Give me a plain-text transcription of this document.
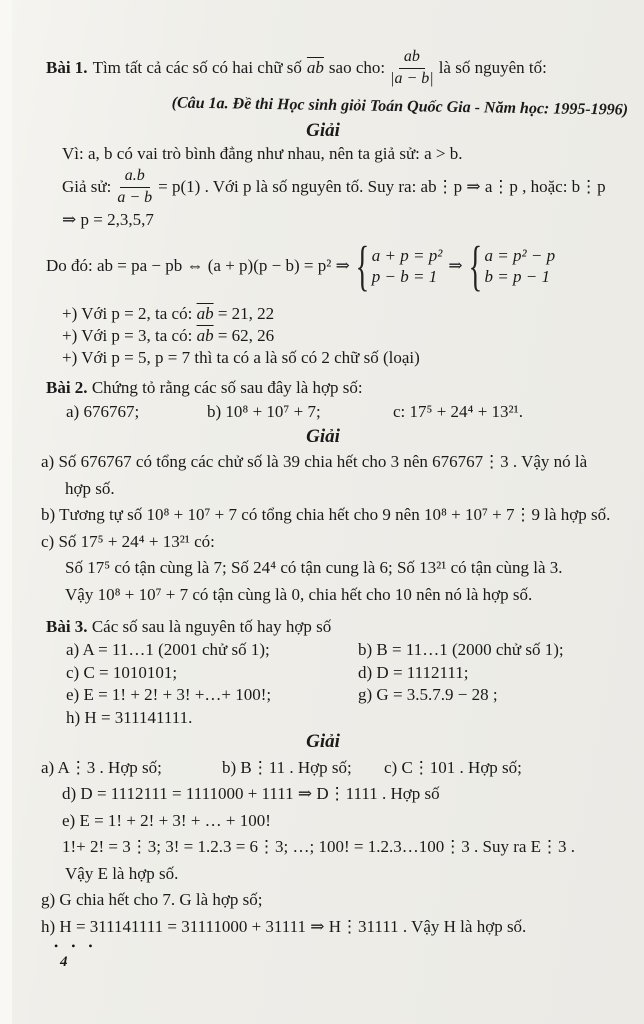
Bài 1. Tìm tất cả các số có hai chữ số $\overline{ab}$ sao cho: $\frac{ab}{|a - b|}$ là số nguyên tố:
(Câu 1a. Đề thi Học sinh giỏi Toán Quốc Gia - Năm học: 1995-1996)
Giải
Vì: a, b có vai trò bình đẳng như nhau, nên ta giả sử: a > b.
Giả sử: $\frac{a.b}{a - b} = p(1)$ . Với p là số nguyên tố. Suy ra: ab⋮p ⇒ a⋮p , hoặc: b⋮p
⇒ p = 2,3,5,7
Do đó: ab = pa − pb ⇔ (a + p)(p − b) = p² ⇒ { a + p = p²
p − b = 1
⇒ { a = p² − p
b = p − 1
+) Với p = 2, ta có: $\overline{ab} = 21$, 22
+) Với p = 3, ta có: $\overline{ab} = 62$, 26
+) Với p = 5, p = 7 thì ta có a là số có 2 chữ số (loại)
Bài 2. Chứng tỏ rằng các số sau đây là hợp số:
a) 676767;	b) 10⁸ + 10⁷ + 7;	c: 17⁵ + 24⁴ + 13²¹.
Giải
a) Số 676767 có tổng các chử số là 39 chia hết cho 3 nên 676767⋮3 . Vậy nó là
hợp số.
b) Tương tự số 10⁸ + 10⁷ + 7 có tổng chia hết cho 9 nên 10⁸ + 10⁷ + 7⋮9 là hợp số.
c) Số 17⁵ + 24⁴ + 13²¹ có:
Số 17⁵ có tận cùng là 7; Số 24⁴ có tận cung là 6; Số 13²¹ có tận cùng là 3.
Vậy 10⁸ + 10⁷ + 7 có tận cùng là 0, chia hết cho 10 nên nó là hợp số.
Bài 3. Các số sau là nguyên tố hay hợp số
a) A = 11…1 (2001 chử số 1);	b) B = 11…1 (2000 chử số 1);
c) C = 1010101;	d) D = 1112111;
e) E = 1! + 2! + 3! +…+ 100!;	g) G = 3.5.7.9 − 28 ;
h) H = 311141111.
Giải
a) A⋮3 . Hợp số;	b) B⋮11 . Hợp số;	c) C⋮101 . Hợp số;
d) D = 1112111 = 1111000 + 1111 ⇒ D⋮1111 . Hợp số
e) E = 1! + 2! + 3! + … + 100!
1!+ 2! = 3⋮3; 3! = 1.2.3 = 6⋮3; …; 100! = 1.2.3…100⋮3 . Suy ra E⋮3 .
Vậy E là hợp số.
g) G chia hết cho 7. G là hợp số;
h) H = 311141111 = 31111000 + 31111 ⇒ H⋮31111 . Vậy H là hợp số.
• • •
4
